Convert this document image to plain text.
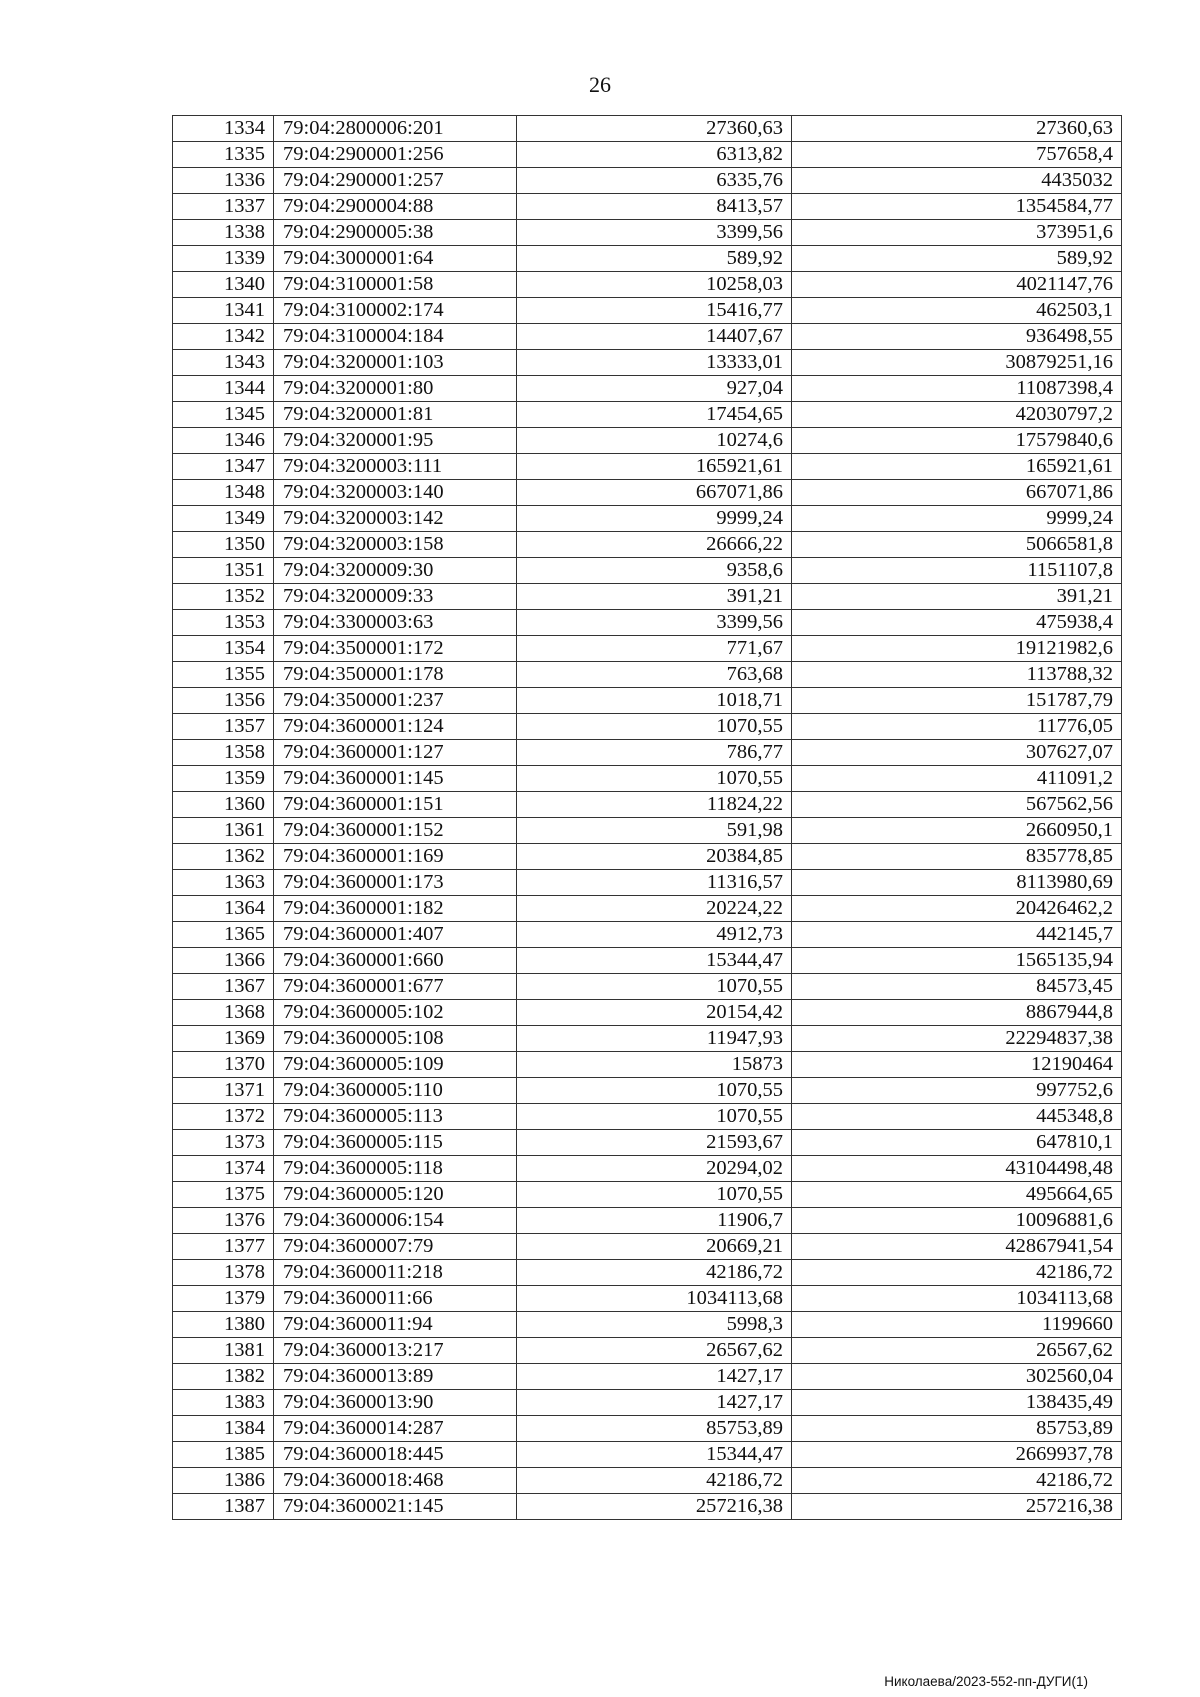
26
1334	79:04:2800006:201	27360,63	27360,63
1335	79:04:2900001:256	6313,82	757658,4
1336	79:04:2900001:257	6335,76	4435032
1337	79:04:2900004:88	8413,57	1354584,77
1338	79:04:2900005:38	3399,56	373951,6
1339	79:04:3000001:64	589,92	589,92
1340	79:04:3100001:58	10258,03	4021147,76
1341	79:04:3100002:174	15416,77	462503,1
1342	79:04:3100004:184	14407,67	936498,55
1343	79:04:3200001:103	13333,01	30879251,16
1344	79:04:3200001:80	927,04	11087398,4
1345	79:04:3200001:81	17454,65	42030797,2
1346	79:04:3200001:95	10274,6	17579840,6
1347	79:04:3200003:111	165921,61	165921,61
1348	79:04:3200003:140	667071,86	667071,86
1349	79:04:3200003:142	9999,24	9999,24
1350	79:04:3200003:158	26666,22	5066581,8
1351	79:04:3200009:30	9358,6	1151107,8
1352	79:04:3200009:33	391,21	391,21
1353	79:04:3300003:63	3399,56	475938,4
1354	79:04:3500001:172	771,67	19121982,6
1355	79:04:3500001:178	763,68	113788,32
1356	79:04:3500001:237	1018,71	151787,79
1357	79:04:3600001:124	1070,55	11776,05
1358	79:04:3600001:127	786,77	307627,07
1359	79:04:3600001:145	1070,55	411091,2
1360	79:04:3600001:151	11824,22	567562,56
1361	79:04:3600001:152	591,98	2660950,1
1362	79:04:3600001:169	20384,85	835778,85
1363	79:04:3600001:173	11316,57	8113980,69
1364	79:04:3600001:182	20224,22	20426462,2
1365	79:04:3600001:407	4912,73	442145,7
1366	79:04:3600001:660	15344,47	1565135,94
1367	79:04:3600001:677	1070,55	84573,45
1368	79:04:3600005:102	20154,42	8867944,8
1369	79:04:3600005:108	11947,93	22294837,38
1370	79:04:3600005:109	15873	12190464
1371	79:04:3600005:110	1070,55	997752,6
1372	79:04:3600005:113	1070,55	445348,8
1373	79:04:3600005:115	21593,67	647810,1
1374	79:04:3600005:118	20294,02	43104498,48
1375	79:04:3600005:120	1070,55	495664,65
1376	79:04:3600006:154	11906,7	10096881,6
1377	79:04:3600007:79	20669,21	42867941,54
1378	79:04:3600011:218	42186,72	42186,72
1379	79:04:3600011:66	1034113,68	1034113,68
1380	79:04:3600011:94	5998,3	1199660
1381	79:04:3600013:217	26567,62	26567,62
1382	79:04:3600013:89	1427,17	302560,04
1383	79:04:3600013:90	1427,17	138435,49
1384	79:04:3600014:287	85753,89	85753,89
1385	79:04:3600018:445	15344,47	2669937,78
1386	79:04:3600018:468	42186,72	42186,72
1387	79:04:3600021:145	257216,38	257216,38
Николаева/2023-552-пп-ДУГИ(1)
